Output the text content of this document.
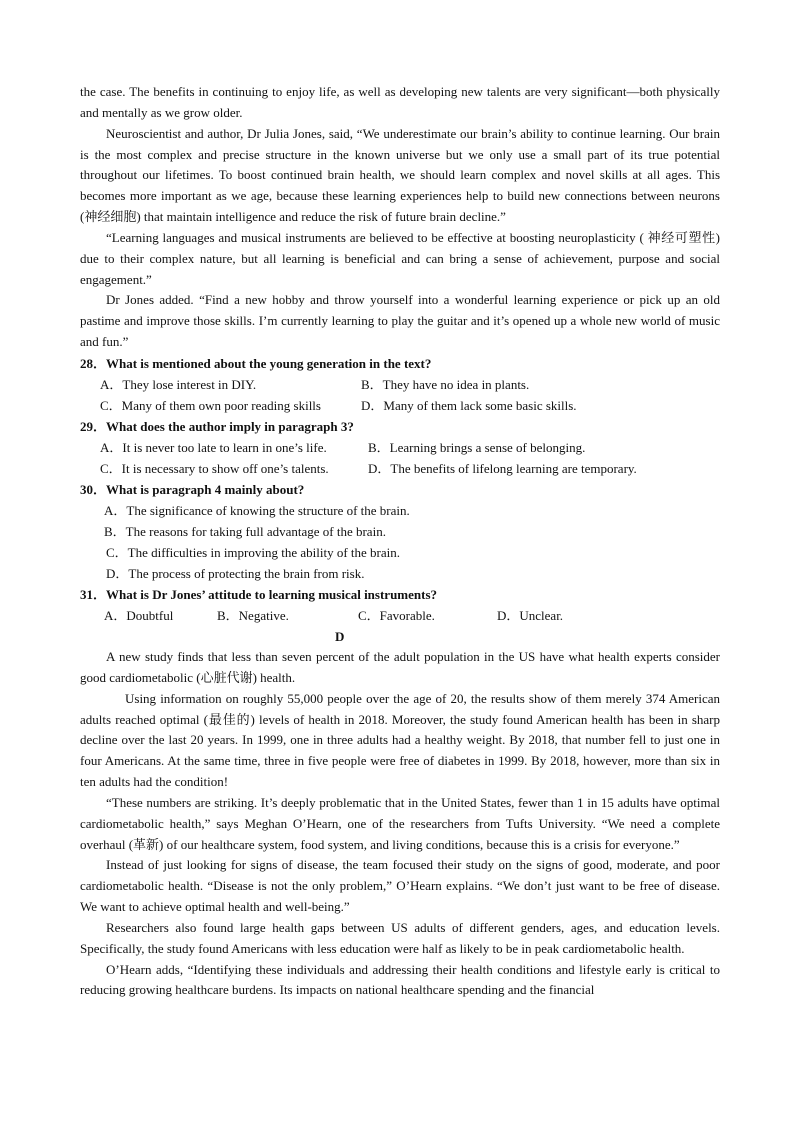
the case. The benefits in continuing to enjoy life, as well as developing new talents are very significant—both physically and mentally as we grow older.

Neuroscientist and author, Dr Julia Jones, said, “We underestimate our brain’s ability to continue learning. Our brain is the most complex and precise structure in the known universe but we only use a small part of its true potential throughout our lifetimes. To boost continued brain health, we should learn complex and novel skills at all ages. This becomes more important as we age, because these learning experiences help to build new connections between neurons (神经细胞) that maintain intelligence and reduce the risk of future brain decline.”

“Learning languages and musical instruments are believed to be effective at boosting neuroplasticity ( 神经可塑性) due to their complex nature, but all learning is beneficial and can bring a sense of achievement, purpose and social engagement.”

Dr Jones added. “Find a new hobby and throw yourself into a wonderful learning experience or pick up an old pastime and improve those skills. I’m currently learning to play the guitar and it’s opened up a whole new world of music and fun.”

28．What is mentioned about the young generation in the text?

A．They lose interest in DIY.	B．They have no idea in plants.
C．Many of them own poor reading skills	D．Many of them lack some basic skills.

29．What does the author imply in paragraph 3?

A．It is never too late to learn in one’s life.	B．Learning brings a sense of belonging.
C．It is necessary to show off one’s talents.	D．The benefits of lifelong learning are temporary.

30．What is paragraph 4 mainly about?

A．The significance of knowing the structure of the brain.

B．The reasons for taking full advantage of the brain.

C．The difficulties in improving the ability of the brain.

D．The process of protecting the brain from risk.

31．What is Dr Jones’ attitude to learning musical instruments?

A．Doubtful	B．Negative.	C．Favorable.	D．Unclear.

D

A new study finds that less than seven percent of the adult population in the US have what health experts consider good cardiometabolic (心脏代谢) health.

Using information on roughly 55,000 people over the age of 20, the results show of them merely 374 American adults reached optimal (最佳的) levels of health in 2018. Moreover, the study found American health has been in sharp decline over the last 20 years. In 1999, one in three adults had a healthy weight. By 2018, that number fell to just one in four Americans. At the same time, three in five people were free of diabetes in 1999. By 2018, however, more than six in ten adults had the condition!

“These numbers are striking. It’s deeply problematic that in the United States, fewer than 1 in 15 adults have optimal cardiometabolic health,” says Meghan O’Hearn, one of the researchers from Tufts University. “We need a complete overhaul (革新) of our healthcare system, food system, and living conditions, because this is a crisis for everyone.”

Instead of just looking for signs of disease, the team focused their study on the signs of good, moderate, and poor cardiometabolic health. “Disease is not the only problem,” O’Hearn explains. “We don’t just want to be free of disease. We want to achieve optimal health and well-being.”

Researchers also found large health gaps between US adults of different genders, ages, and education levels. Specifically, the study found Americans with less education were half as likely to be in peak cardiometabolic health.

O’Hearn adds, “Identifying these individuals and addressing their health conditions and lifestyle early is critical to reducing growing healthcare burdens. Its impacts on national healthcare spending and the financial
